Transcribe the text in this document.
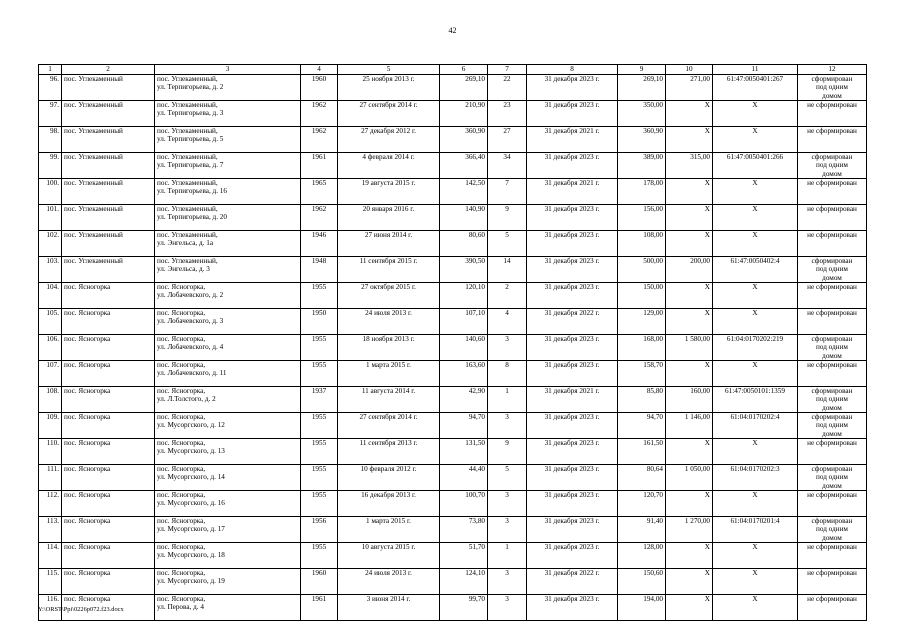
42
1	2	3	4	5	6	7	8	9	10	11	12
96.	пос. Углекаменный	пос. Углекаменный,
ул. Терпигорьева, д. 2	1960	25 ноября 2013 г.	269,10	22	31 декабря 2023 г.	269,10	271,00	61:47:0050401:267	сформирован
под одним
домом

97.	пос. Углекаменный	пос. Углекаменный,
ул. Терпигорьева, д. 3	1962	27 сентября 2014 г.	210,90	23	31 декабря 2023 г.	350,00	X	X	не сформирован

98.	пос. Углекаменный	пос. Углекаменный,
ул. Терпигорьева, д. 5	1962	27 декабря 2012 г.	360,90	27	31 декабря 2021 г.	360,90	X	X	не сформирован

99.	пос. Углекаменный	пос. Углекаменный,
ул. Терпигорьева, д. 7	1961	4 февраля 2014 г.	366,40	34	31 декабря 2023 г.	389,00	315,00	61:47:0050401:266	сформирован
под одним
домом

100.	пос. Углекаменный	пос. Углекаменный,
ул. Терпигорьева, д. 16	1965	19 августа 2015 г.	142,50	7	31 декабря 2021 г.	178,00	X	X	не сформирован

101.	пос. Углекаменный	пос. Углекаменный,
ул. Терпигорьева, д. 20	1962	20 января 2016 г.	140,90	9	31 декабря 2023 г.	156,00	X	X	не сформирован

102.	пос. Углекаменный	пос. Углекаменный,
ул. Энгельса, д. 1а	1946	27 июня 2014 г.	80,60	5	31 декабря 2023 г.	108,00	X	X	не сформирован

103.	пос. Углекаменный	пос. Углекаменный,
ул. Энгельса, д. 3	1948	11 сентября 2015 г.	390,50	14	31 декабря 2023 г.	500,00	200,00	61:47:0050402:4	сформирован
под одним
домом

104.	пос. Ясногорка	пос. Ясногорка,
ул. Лобачевского, д. 2	1955	27 октября 2015 г.	120,10	2	31 декабря 2023 г.	150,00	X	X	не сформирован

105.	пос. Ясногорка	пос. Ясногорка,
ул. Лобачевского, д. 3	1950	24 июля 2013 г.	107,10	4	31 декабря 2022 г.	129,00	X	X	не сформирован

106.	пос. Ясногорка	пос. Ясногорка,
ул. Лобачевского, д. 4	1955	18 ноября 2013 г.	140,60	3	31 декабря 2023 г.	168,00	1 580,00	61:04:0170202:219	сформирован
под одним
домом

107.	пос. Ясногорка	пос. Ясногорка,
ул. Лобачевского, д. 11	1955	1 марта 2015 г.	163,60	8	31 декабря 2023 г.	158,70	X	X	не сформирован

108.	пос. Ясногорка	пос. Ясногорка,
ул. Л.Толстого, д. 2	1937	11 августа 2014 г.	42,90	1	31 декабря 2021 г.	85,80	160,00	61:47:0050101:1359	сформирован
под одним
домом

109.	пос. Ясногорка	пос. Ясногорка,
ул. Мусоргского, д. 12	1955	27 сентября 2014 г.	94,70	3	31 декабря 2023 г.	94,70	1 146,00	61:04:0170202:4	сформирован
под одним
домом

110.	пос. Ясногорка	пос. Ясногорка,
ул. Мусоргского, д. 13	1955	11 сентября 2013 г.	131,50	9	31 декабря 2023 г.	161,50	X	X	не сформирован

111.	пос. Ясногорка	пос. Ясногорка,
ул. Мусоргского, д. 14	1955	10 февраля 2012 г.	44,40	5	31 декабря 2023 г.	80,64	1 050,00	61:04:0170202:3	сформирован
под одним
домом

112.	пос. Ясногорка	пос. Ясногорка,
ул. Мусоргского, д. 16	1955	16 декабря 2013 г.	100,70	3	31 декабря 2023 г.	120,70	X	X	не сформирован

113.	пос. Ясногорка	пос. Ясногорка,
ул. Мусоргского, д. 17	1956	1 марта 2015 г.	73,80	3	31 декабря 2023 г.	91,40	1 270,00	61:04:0170201:4	сформирован
под одним
домом

114.	пос. Ясногорка	пос. Ясногорка,
ул. Мусоргского, д. 18	1955	10 августа 2015 г.	51,70	1	31 декабря 2023 г.	128,00	X	X	не сформирован

115.	пос. Ясногорка	пос. Ясногорка,
ул. Мусоргского, д. 19	1960	24 июля 2013 г.	124,10	3	31 декабря 2022 г.	150,60	X	X	не сформирован

116.	пос. Ясногорка	пос. Ясногорка,
ул. Перова, д. 4	1961	3 июня 2014 г.	99,70	3	31 декабря 2023 г.	194,00	X	X	не сформирован
Y:\ORST\Ppi\0226p072.f23.docx
